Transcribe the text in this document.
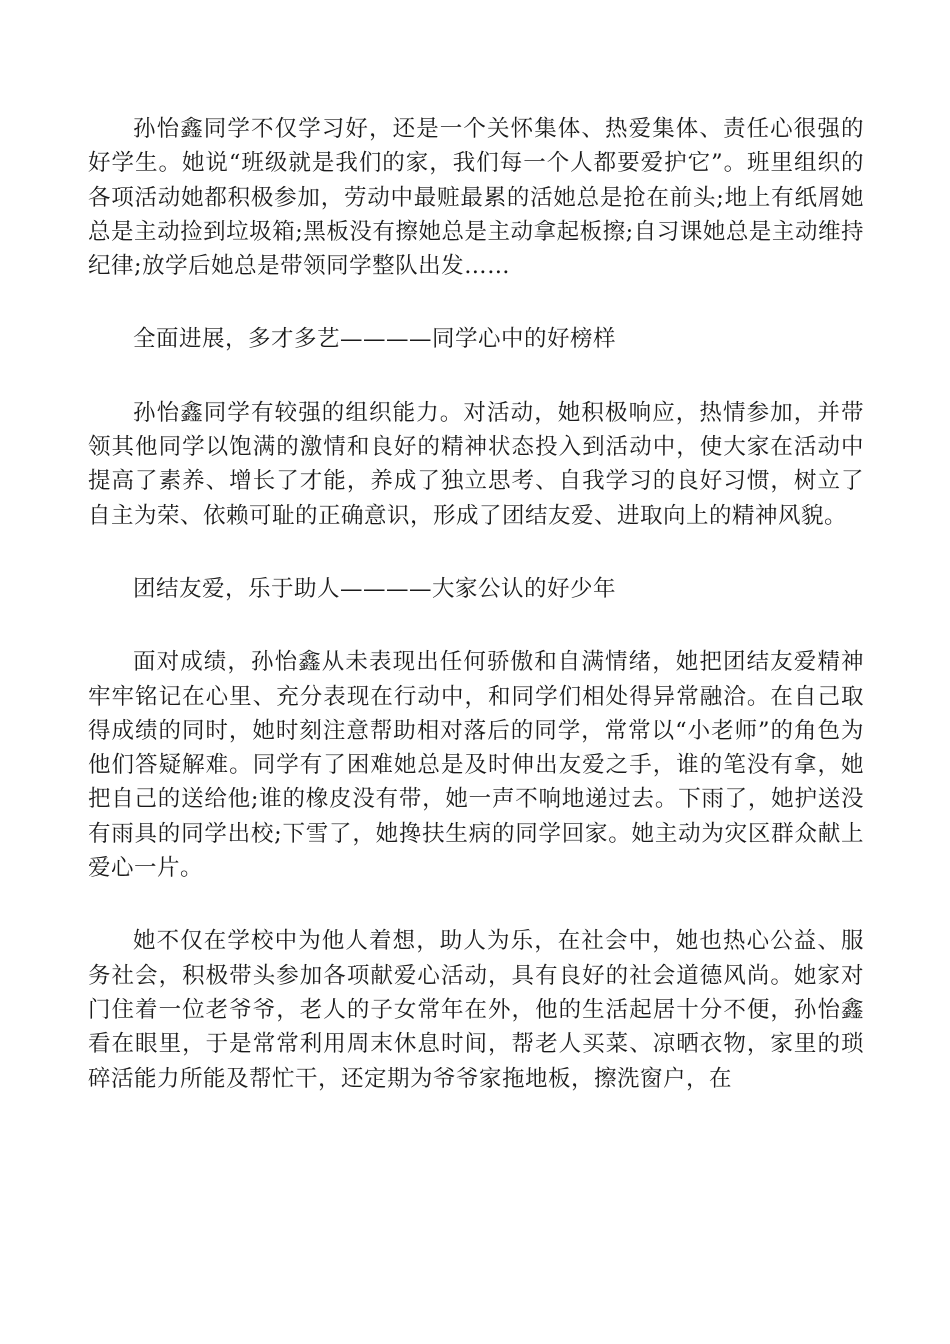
孙怡鑫同学不仅学习好，还是一个关怀集体、热爱集体、责任心很强的好学生。她说“班级就是我们的家，我们每一个人都要爱护它”。班里组织的各项活动她都积极参加，劳动中最赃最累的活她总是抢在前头;地上有纸屑她总是主动捡到垃圾箱;黑板没有擦她总是主动拿起板擦;自习课她总是主动维持纪律;放学后她总是带领同学整队出发……

全面进展，多才多艺————同学心中的好榜样

孙怡鑫同学有较强的组织能力。对活动，她积极响应，热情参加，并带领其他同学以饱满的激情和良好的精神状态投入到活动中，使大家在活动中提高了素养、增长了才能，养成了独立思考、自我学习的良好习惯，树立了自主为荣、依赖可耻的正确意识，形成了团结友爱、进取向上的精神风貌。

团结友爱，乐于助人————大家公认的好少年

面对成绩，孙怡鑫从未表现出任何骄傲和自满情绪，她把团结友爱精神牢牢铭记在心里、充分表现在行动中，和同学们相处得异常融洽。在自己取得成绩的同时，她时刻注意帮助相对落后的同学，常常以“小老师”的角色为他们答疑解难。同学有了困难她总是及时伸出友爱之手，谁的笔没有拿，她把自己的送给他;谁的橡皮没有带，她一声不响地递过去。下雨了，她护送没有雨具的同学出校;下雪了，她搀扶生病的同学回家。她主动为灾区群众献上爱心一片。

她不仅在学校中为他人着想，助人为乐，在社会中，她也热心公益、服务社会，积极带头参加各项献爱心活动，具有良好的社会道德风尚。她家对门住着一位老爷爷，老人的子女常年在外，他的生活起居十分不便，孙怡鑫看在眼里，于是常常利用周末休息时间，帮老人买菜、凉晒衣物，家里的琐碎活能力所能及帮忙干，还定期为爷爷家拖地板，擦洗窗户，在
